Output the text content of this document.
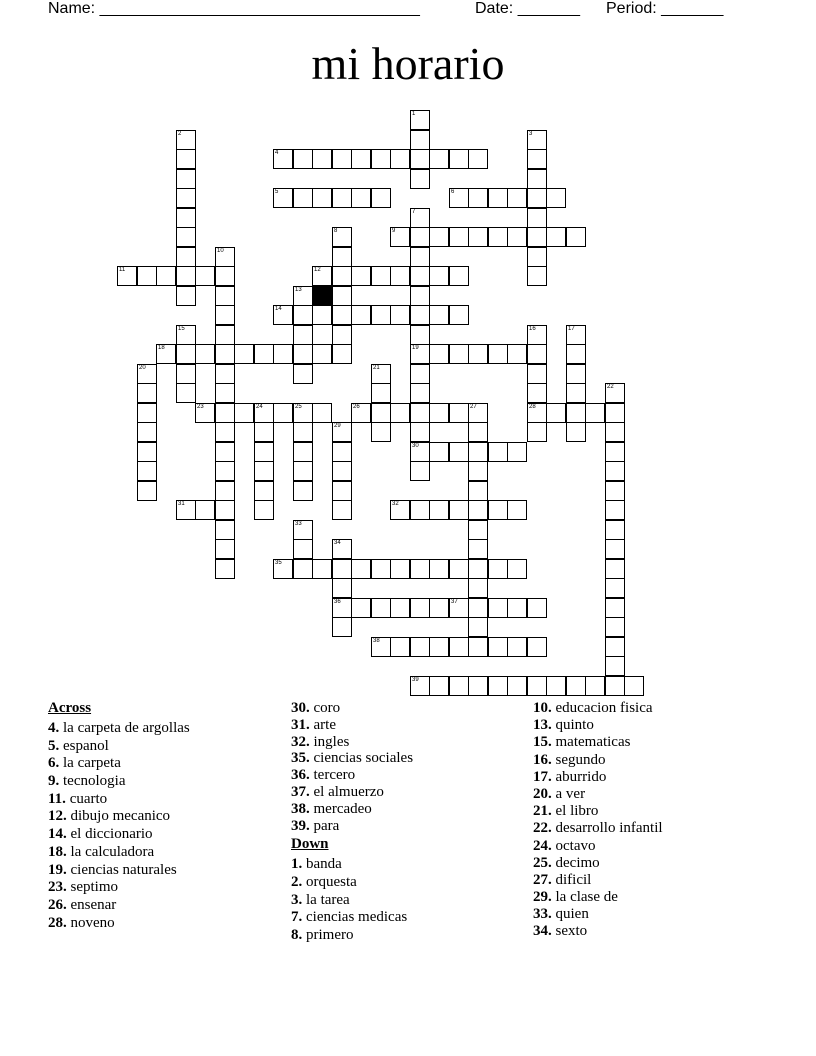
Name: ____________________________________	Date: _______ Period: _______
mi horario
1
2	3
4
5	6
7
8	9
10
11	12
13
14
15	16	17
18	19
20	21
22
23	24	25	26	27	28
29
30
31	32
33
34
35
36	37
38
39
Across
4. la carpeta de argollas
5. espanol
6. la carpeta
9. tecnologia
11. cuarto
12. dibujo mecanico
14. el diccionario
18. la calculadora
19. ciencias naturales
23. septimo
26. ensenar
28. noveno
30. coro
31. arte
32. ingles
35. ciencias sociales
36. tercero
37. el almuerzo
38. mercadeo
39. para
Down
1. banda
2. orquesta
3. la tarea
7. ciencias medicas
8. primero
10. educacion fisica
13. quinto
15. matematicas
16. segundo
17. aburrido
20. a ver
21. el libro
22. desarrollo infantil
24. octavo
25. decimo
27. dificil
29. la clase de
33. quien
34. sexto
